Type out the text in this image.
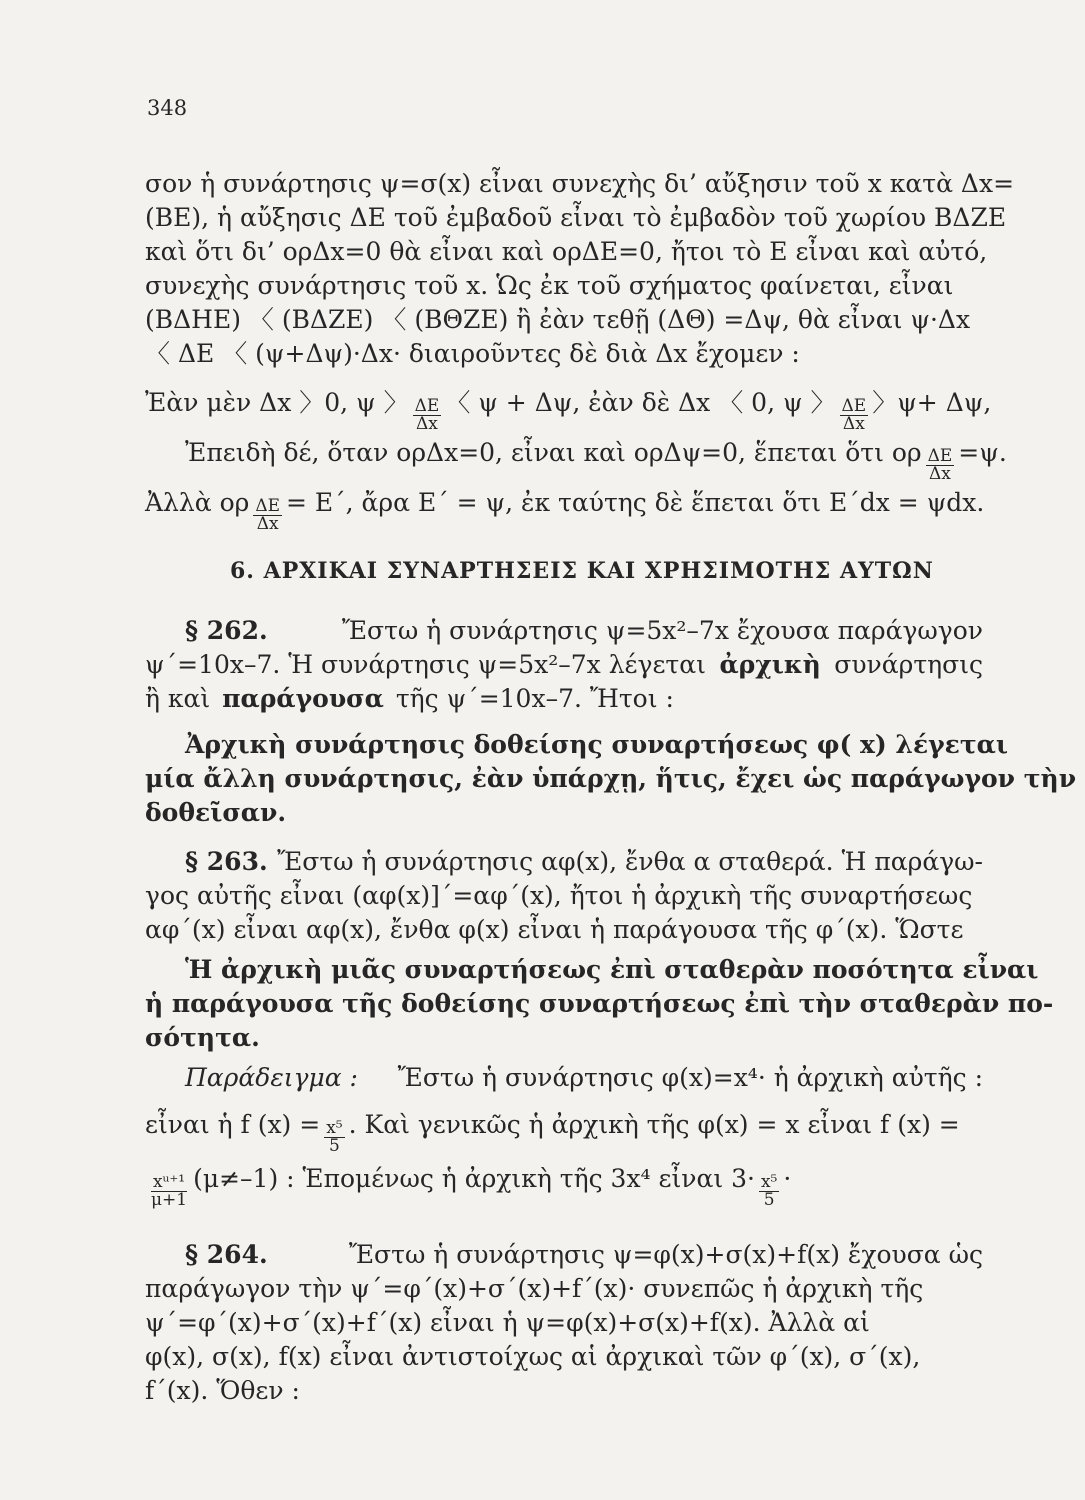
348
σον ἡ συνάρτησις ψ=σ(x) εἶναι συνεχὴς δι’ αὔξησιν τοῦ x κατὰ Δx=
(ΒΕ), ἡ αὔξησις ΔΕ τοῦ ἐμβαδοῦ εἶναι τὸ ἐμβαδὸν τοῦ χωρίου ΒΔΖΕ
καὶ ὅτι δι’ ορΔx=0 θὰ εἶναι καὶ ορΔΕ=0, ἤτοι τὸ Ε εἶναι καὶ αὐτό,
συνεχὴς συνάρτησις τοῦ x. Ὡς ἐκ τοῦ σχήματος φαίνεται, εἶναι
(ΒΔΗΕ) 〈 (ΒΔΖΕ) 〈 (ΒΘΖΕ) ἢ ἐὰν τεθῇ (ΔΘ) =Δψ, θὰ εἶναι ψ·Δx
〈 ΔΕ 〈 (ψ+Δψ)·Δx· διαιροῦντες δὲ διὰ Δx ἔχομεν :
Ἐὰν μὲν Δx 〉0, ψ 〉 $\frac{\Delta E}{\Delta x}$ 〈 ψ + Δψ, ἐὰν δὲ Δx 〈 0, ψ 〉 $\frac{\Delta E}{\Delta x}$ 〉ψ+ Δψ,
Ἐπειδὴ δέ, ὅταν ορΔx=0, εἶναι καὶ ορΔψ=0, ἕπεται ὅτι ορ $\frac{\Delta E}{\Delta x} =\psi$.
Ἀλλὰ ορ $\frac{\Delta E}{\Delta x} = E΄$, ἄρα Ε΄ = ψ, ἐκ ταύτης δὲ ἕπεται ὅτι Ε΄dx = ψdx.
6. ΑΡΧΙΚΑΙ ΣΥΝΑΡΤΗΣΕΙΣ ΚΑΙ ΧΡΗΣΙΜΟΤΗΣ ΑΥΤΩΝ
§ 262.	Ἔστω ἡ συνάρτησις ψ=5x²–7x ἔχουσα παράγωγον
ψ΄=10x–7. Ἡ συνάρτησις ψ=5x²–7x λέγεται ἀρχικὴ συνάρτησις
ἢ καὶ παράγουσα τῆς ψ΄=10x–7. Ἤτοι :
Ἀρχικὴ συνάρτησις δοθείσης συναρτήσεως φ( x) λέγεται
μία ἄλλη συνάρτησις, ἐὰν ὑπάρχῃ, ἥτις, ἔχει ὡς παράγωγον τὴν
δοθεῖσαν.
§ 263. Ἔστω ἡ συνάρτησις αφ(x), ἔνθα α σταθερά. Ἡ παράγω-
γος αὐτῆς εἶναι (αφ(x)]΄=αφ΄(x), ἤτοι ἡ ἀρχικὴ τῆς συναρτήσεως
αφ΄(x) εἶναι αφ(x), ἔνθα φ(x) εἶναι ἡ παράγουσα τῆς φ΄(x). Ὥστε
Ἡ ἀρχικὴ μιᾶς συναρτήσεως ἐπὶ σταθερὰν ποσότητα εἶναι
ἡ παράγουσα τῆς δοθείσης συναρτήσεως ἐπὶ τὴν σταθερὰν πο-
σότητα.
Παράδειγμα : Ἔστω ἡ συνάρτησις φ(x)=x⁴· ἡ ἀρχικὴ αὐτῆς :
εἶναι ἡ f $(x) = \frac{\text{x⁵}}{5}$ . Καὶ γενικῶς ἡ ἀρχικὴ τῆς φ(x) = x εἶναι f (x) =
$\frac{\text{xᵘ⁺¹}}{\mu+1} (\mu\ne-1)$ : Ἑπομένως ἡ ἀρχικὴ τῆς 3x⁴ εἶναι $3\cdot \frac{\text{x⁵}}{5}$ ·
§ 264.	Ἔστω ἡ συνάρτησις ψ=φ(x)+σ(x)+f(x) ἔχουσα ὡς
παράγωγον τὴν ψ΄=φ΄(x)+σ΄(x)+f΄(x)· συνεπῶς ἡ ἀρχικὴ τῆς
ψ΄=φ΄(x)+σ΄(x)+f΄(x) εἶναι ἡ ψ=φ(x)+σ(x)+f(x). Ἀλλὰ αἱ
φ(x), σ(x), f(x) εἶναι ἀντιστοίχως αἱ ἀρχικαὶ τῶν φ΄(x), σ΄(x),
f΄(x). Ὅθεν :
